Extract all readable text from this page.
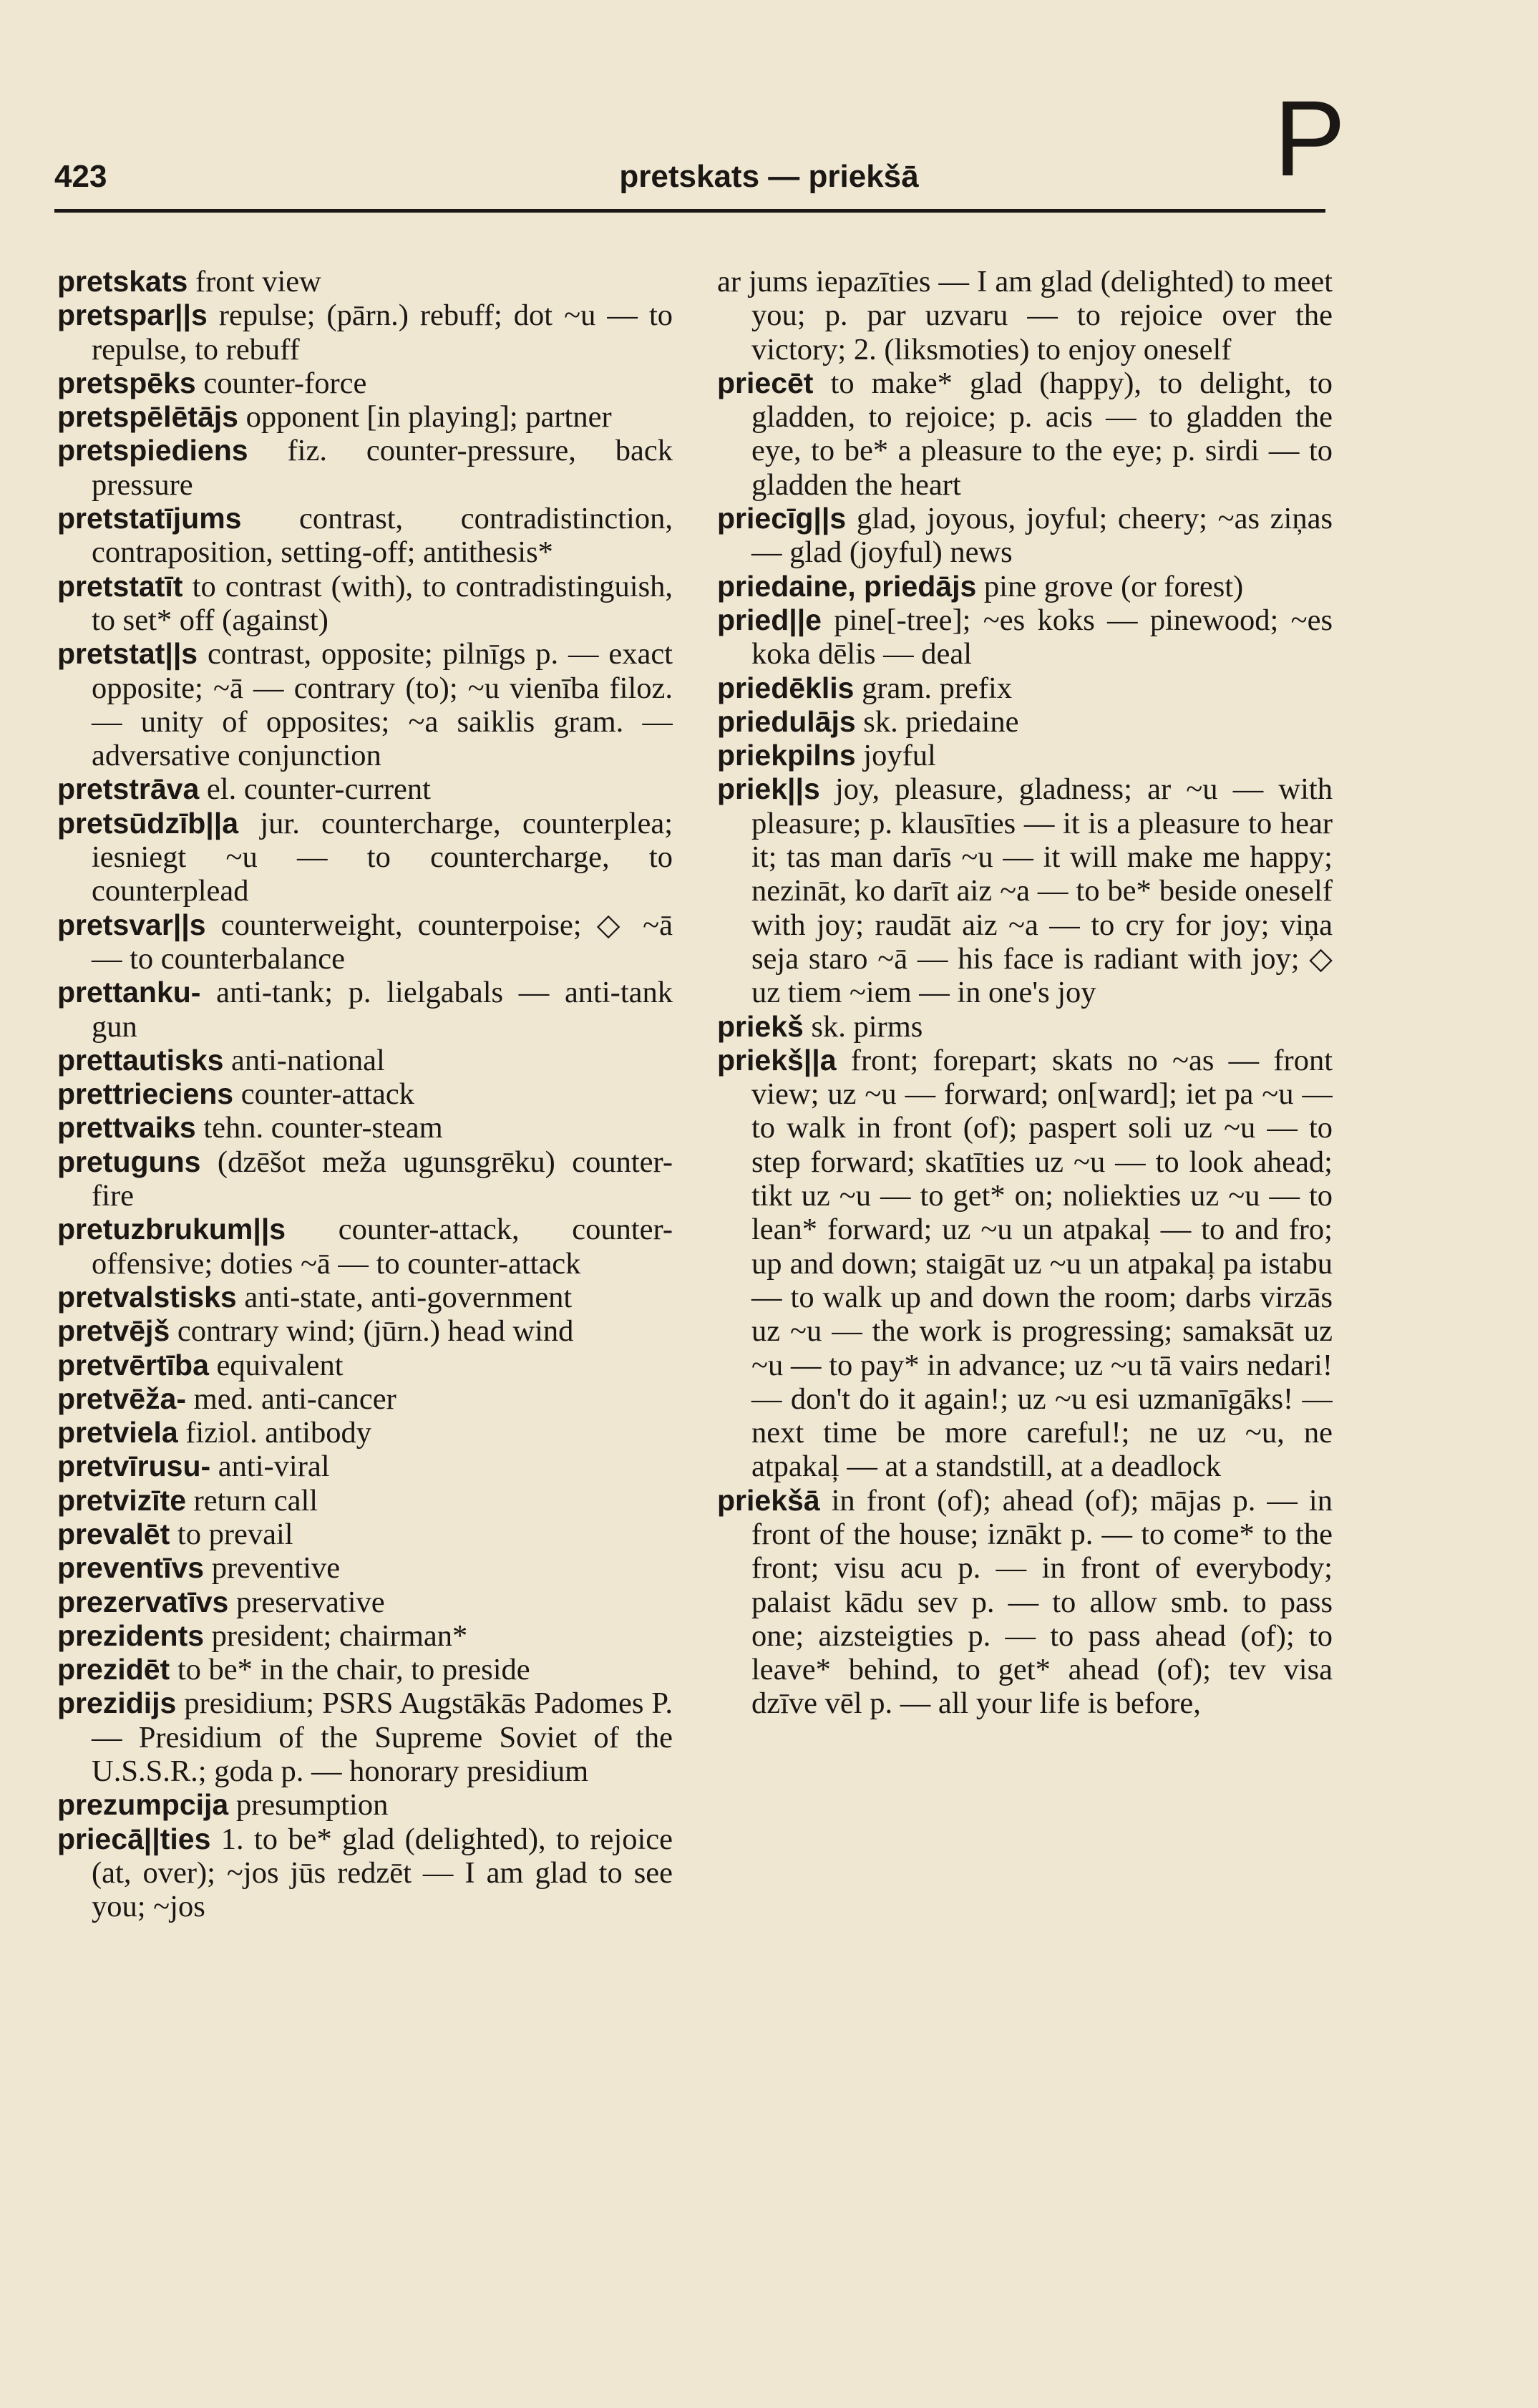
423	pretskats — priekšā	P

pretskats front view

pretspar||s repulse; (pārn.) rebuff; dot ~u — to repulse, to rebuff

pretspēks counter-force

pretspēlētājs opponent [in playing]; partner

pretspiediens fiz. counter-pressure, back pressure

pretstatījums contrast, contradistinction, contraposition, setting-off; antithesis*

pretstatīt to contrast (with), to contradistinguish, to set* off (against)

pretstat||s contrast, opposite; pilnīgs p. — exact opposite; ~ā — contrary (to); ~u vienība filoz. — unity of opposites; ~a saiklis gram. — adversative conjunction

pretstrāva el. counter-current

pretsūdzīb||a jur. countercharge, counterplea; iesniegt ~u — to countercharge, to counterplead

pretsvar||s counterweight, counterpoise; ◇ ~ā — to counterbalance

prettanku- anti-tank; p. lielgabals — anti-tank gun

prettautisks anti-national

prettrieciens counter-attack

prettvaiks tehn. counter-steam

pretuguns (dzēšot meža ugunsgrēku) counter-fire

pretuzbrukum||s counter-attack, counter-offensive; doties ~ā — to counter-attack

pretvalstisks anti-state, anti-government

pretvējš contrary wind; (jūrn.) head wind

pretvērtība equivalent

pretvēža- med. anti-cancer

pretviela fiziol. antibody

pretvīrusu- anti-viral

pretvizīte return call

prevalēt to prevail

preventīvs preventive

prezervatīvs preservative

prezidents president; chairman*

prezidēt to be* in the chair, to preside

prezidijs presidium; PSRS Augstākās Padomes P. — Presidium of the Supreme Soviet of the U.S.S.R.; goda p. — honorary presidium

prezumpcija presumption

priecā||ties 1. to be* glad (delighted), to rejoice (at, over); ~jos jūs redzēt — I am glad to see you; ~jos

ar jums iepazīties — I am glad (delighted) to meet you; p. par uzvaru — to rejoice over the victory; 2. (liksmoties) to enjoy oneself

priecēt to make* glad (happy), to delight, to gladden, to rejoice; p. acis — to gladden the eye, to be* a pleasure to the eye; p. sirdi — to gladden the heart

priecīg||s glad, joyous, joyful; cheery; ~as ziņas — glad (joyful) news

priedaine, priedājs pine grove (or forest)

pried||e pine[-tree]; ~es koks — pinewood; ~es koka dēlis — deal

priedēklis gram. prefix

priedulājs sk. priedaine

priekpilns joyful

priek||s joy, pleasure, gladness; ar ~u — with pleasure; p. klausīties — it is a pleasure to hear it; tas man darīs ~u — it will make me happy; nezināt, ko darīt aiz ~a — to be* beside oneself with joy; raudāt aiz ~a — to cry for joy; viņa seja staro ~ā — his face is radiant with joy; ◇ uz tiem ~iem — in one's joy

priekš sk. pirms

priekš||a front; forepart; skats no ~as — front view; uz ~u — forward; on[ward]; iet pa ~u — to walk in front (of); paspert soli uz ~u — to step forward; skatīties uz ~u — to look ahead; tikt uz ~u — to get* on; noliekties uz ~u — to lean* forward; uz ~u un atpakaļ — to and fro; up and down; staigāt uz ~u un atpakaļ pa istabu — to walk up and down the room; darbs virzās uz ~u — the work is progressing; samaksāt uz ~u — to pay* in advance; uz ~u tā vairs nedari! — don't do it again!; uz ~u esi uzmanīgāks! — next time be more careful!; ne uz ~u, ne atpakaļ — at a standstill, at a deadlock

priekšā in front (of); ahead (of); mājas p. — in front of the house; iznākt p. — to come* to the front; visu acu p. — in front of everybody; palaist kādu sev p. — to allow smb. to pass one; aizsteigties p. — to pass ahead (of); to leave* behind, to get* ahead (of); tev visa dzīve vēl p. — all your life is before,
